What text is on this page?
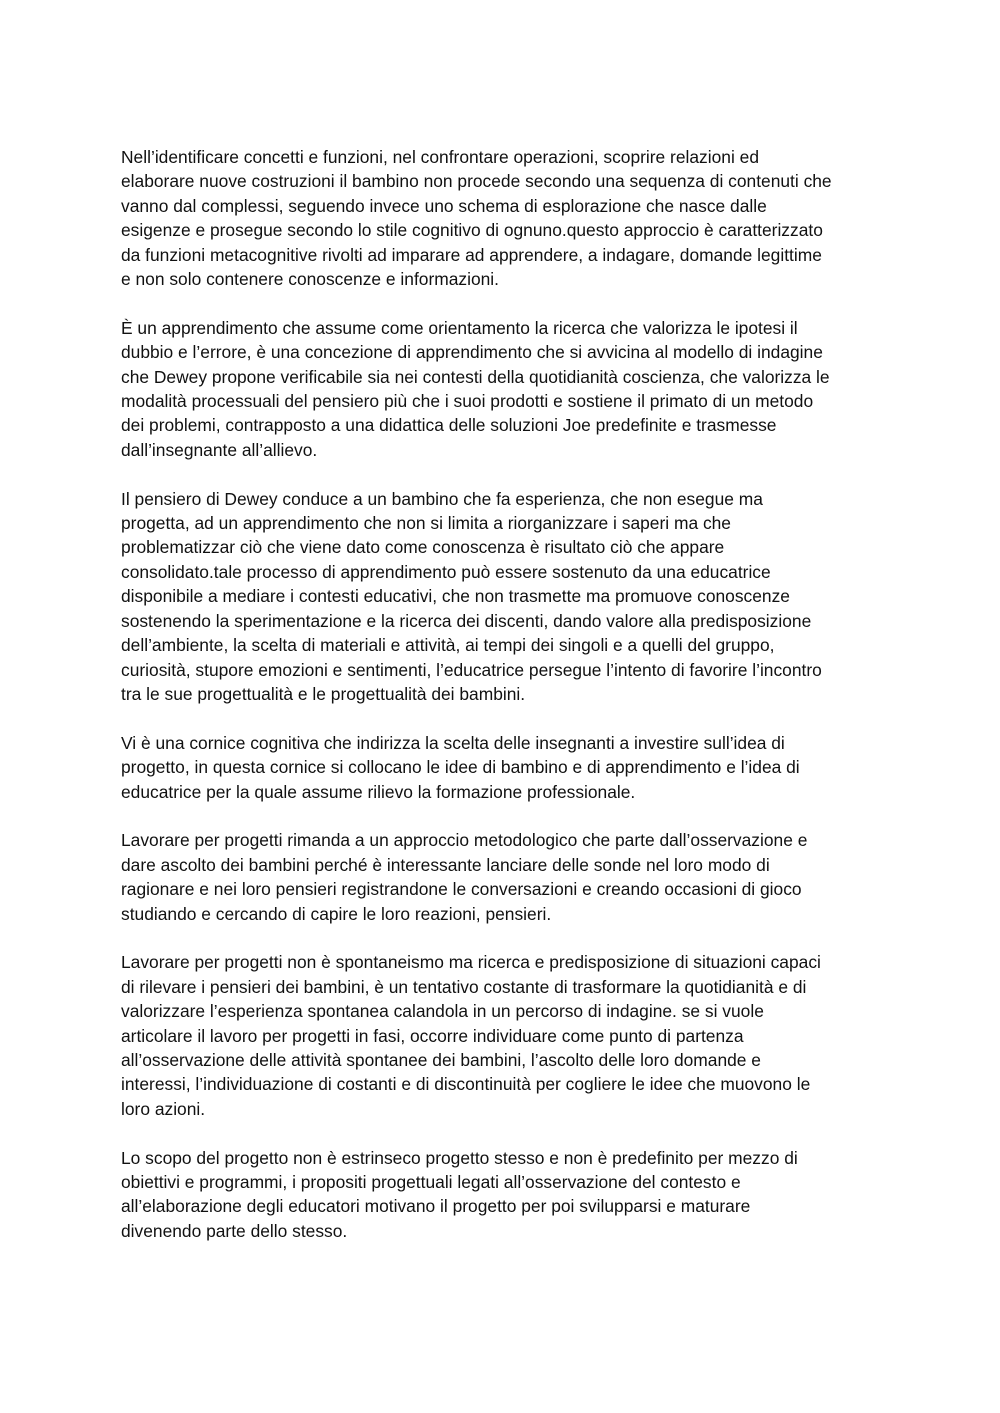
Nell’identificare concetti e funzioni, nel confrontare operazioni, scoprire relazioni ed
elaborare nuove costruzioni il bambino non procede secondo una sequenza di contenuti che
vanno dal complessi, seguendo invece uno schema di esplorazione che nasce dalle
esigenze e prosegue secondo lo stile cognitivo di ognuno.questo approccio è caratterizzato
da funzioni metacognitive rivolti ad imparare ad apprendere, a indagare, domande legittime
e non solo contenere conoscenze e informazioni.

È un apprendimento che assume come orientamento la ricerca che valorizza le ipotesi il
dubbio e l’errore, è una concezione di apprendimento che si avvicina al modello di indagine
che Dewey propone verificabile sia nei contesti della quotidianità coscienza, che valorizza le
modalità processuali del pensiero più che i suoi prodotti e sostiene il primato di un metodo
dei problemi, contrapposto a una didattica delle soluzioni Joe predefinite e trasmesse
dall’insegnante all’allievo.

Il pensiero di Dewey conduce a un bambino che fa esperienza, che non esegue ma
progetta, ad un apprendimento che non si limita a riorganizzare i saperi ma che
problematizzar ciò che viene dato come conoscenza è risultato ciò che appare
consolidato.tale processo di apprendimento può essere sostenuto da una educatrice
disponibile a mediare i contesti educativi, che non trasmette ma promuove conoscenze
sostenendo la sperimentazione e la ricerca dei discenti, dando valore alla predisposizione
dell’ambiente, la scelta di materiali e attività, ai tempi dei singoli e a quelli del gruppo,
curiosità, stupore emozioni e sentimenti, l’educatrice persegue l’intento di favorire l’incontro
tra le sue progettualità e le progettualità dei bambini.

Vi è una cornice cognitiva che indirizza la scelta delle insegnanti a investire sull’idea di
progetto, in questa cornice si collocano le idee di bambino e di apprendimento e l’idea di
educatrice per la quale assume rilievo la formazione professionale.

Lavorare per progetti rimanda a un approccio metodologico che parte dall’osservazione e
dare ascolto dei bambini perché è interessante lanciare delle sonde nel loro modo di
ragionare e nei loro pensieri registrandone le conversazioni e creando occasioni di gioco
studiando e cercando di capire le loro reazioni, pensieri.

Lavorare per progetti non è spontaneismo ma ricerca e predisposizione di situazioni capaci
di rilevare i pensieri dei bambini, è un tentativo costante di trasformare la quotidianità e di
valorizzare l’esperienza spontanea calandola in un percorso di indagine. se si vuole
articolare il lavoro per progetti in fasi, occorre individuare come punto di partenza
all’osservazione delle attività spontanee dei bambini, l’ascolto delle loro domande e
interessi, l’individuazione di costanti e di discontinuità per cogliere le idee che muovono le
loro azioni.

Lo scopo del progetto non è estrinseco progetto stesso e non è predefinito per mezzo di
obiettivi e programmi, i propositi progettuali legati all’osservazione del contesto e
all’elaborazione degli educatori motivano il progetto per poi svilupparsi e maturare
divenendo parte dello stesso.
